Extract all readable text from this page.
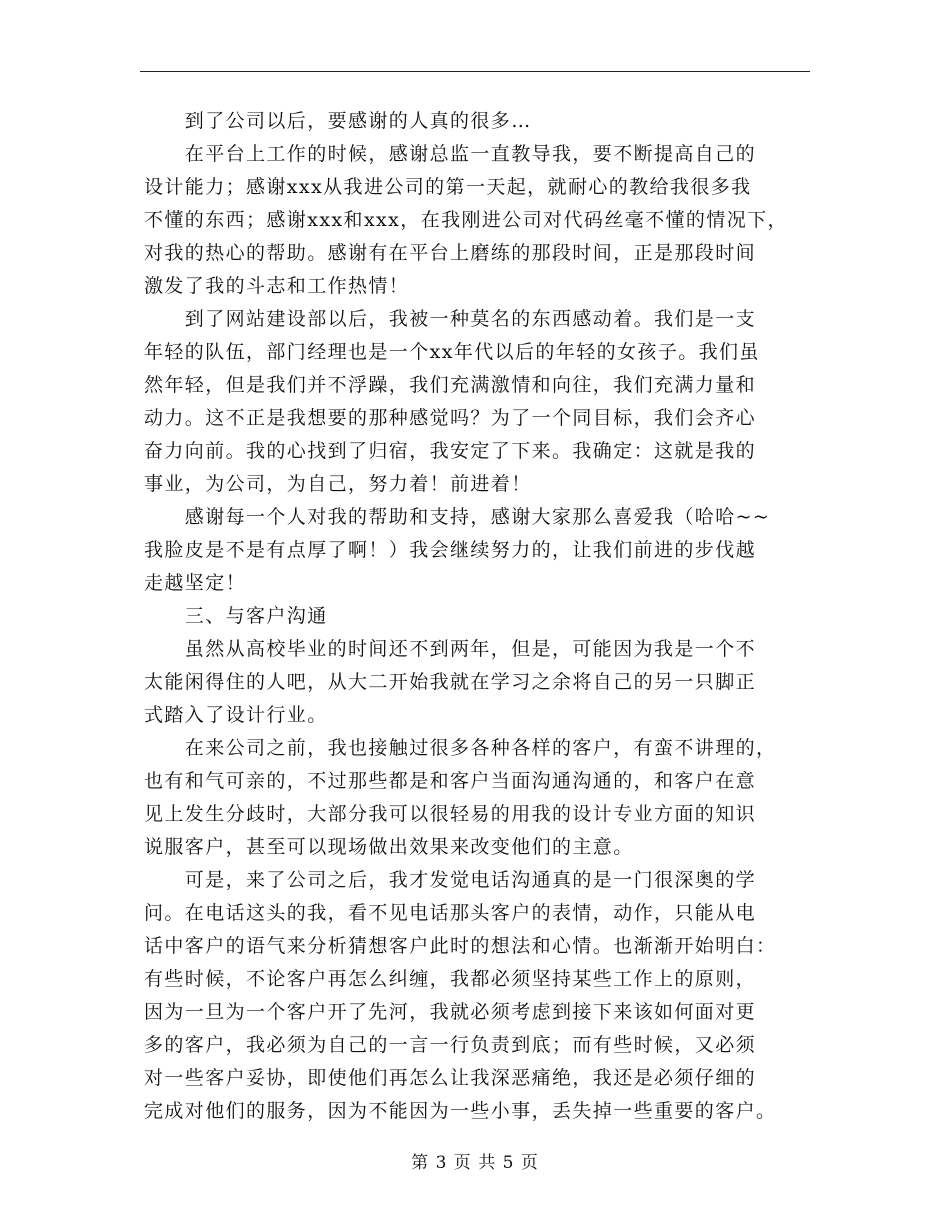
　　到了公司以后，要感谢的人真的很多…
　　在平台上工作的时候，感谢总监一直教导我，要不断提高自己的
设计能力；感谢xxx从我进公司的第一天起，就耐心的教给我很多我
不懂的东西；感谢xxx和xxx，在我刚进公司对代码丝毫不懂的情况下，
对我的热心的帮助。感谢有在平台上磨练的那段时间，正是那段时间
激发了我的斗志和工作热情！
　　到了网站建设部以后，我被一种莫名的东西感动着。我们是一支
年轻的队伍，部门经理也是一个xx年代以后的年轻的女孩子。我们虽
然年轻，但是我们并不浮躁，我们充满激情和向往，我们充满力量和
动力。这不正是我想要的那种感觉吗？为了一个同目标，我们会齐心
奋力向前。我的心找到了归宿，我安定了下来。我确定：这就是我的
事业，为公司，为自己，努力着！前进着！
　　感谢每一个人对我的帮助和支持，感谢大家那么喜爱我（哈哈~~
我脸皮是不是有点厚了啊！）我会继续努力的，让我们前进的步伐越
走越坚定！
　　三、与客户沟通
　　虽然从高校毕业的时间还不到两年，但是，可能因为我是一个不
太能闲得住的人吧，从大二开始我就在学习之余将自己的另一只脚正
式踏入了设计行业。
　　在来公司之前，我也接触过很多各种各样的客户，有蛮不讲理的，
也有和气可亲的，不过那些都是和客户当面沟通沟通的，和客户在意
见上发生分歧时，大部分我可以很轻易的用我的设计专业方面的知识
说服客户，甚至可以现场做出效果来改变他们的主意。
　　可是，来了公司之后，我才发觉电话沟通真的是一门很深奥的学
问。在电话这头的我，看不见电话那头客户的表情，动作，只能从电
话中客户的语气来分析猜想客户此时的想法和心情。也渐渐开始明白：
有些时候，不论客户再怎么纠缠，我都必须坚持某些工作上的原则，
因为一旦为一个客户开了先河，我就必须考虑到接下来该如何面对更
多的客户，我必须为自己的一言一行负责到底；而有些时候，又必须
对一些客户妥协，即使他们再怎么让我深恶痛绝，我还是必须仔细的
完成对他们的服务，因为不能因为一些小事，丢失掉一些重要的客户。
第 3 页 共 5 页
